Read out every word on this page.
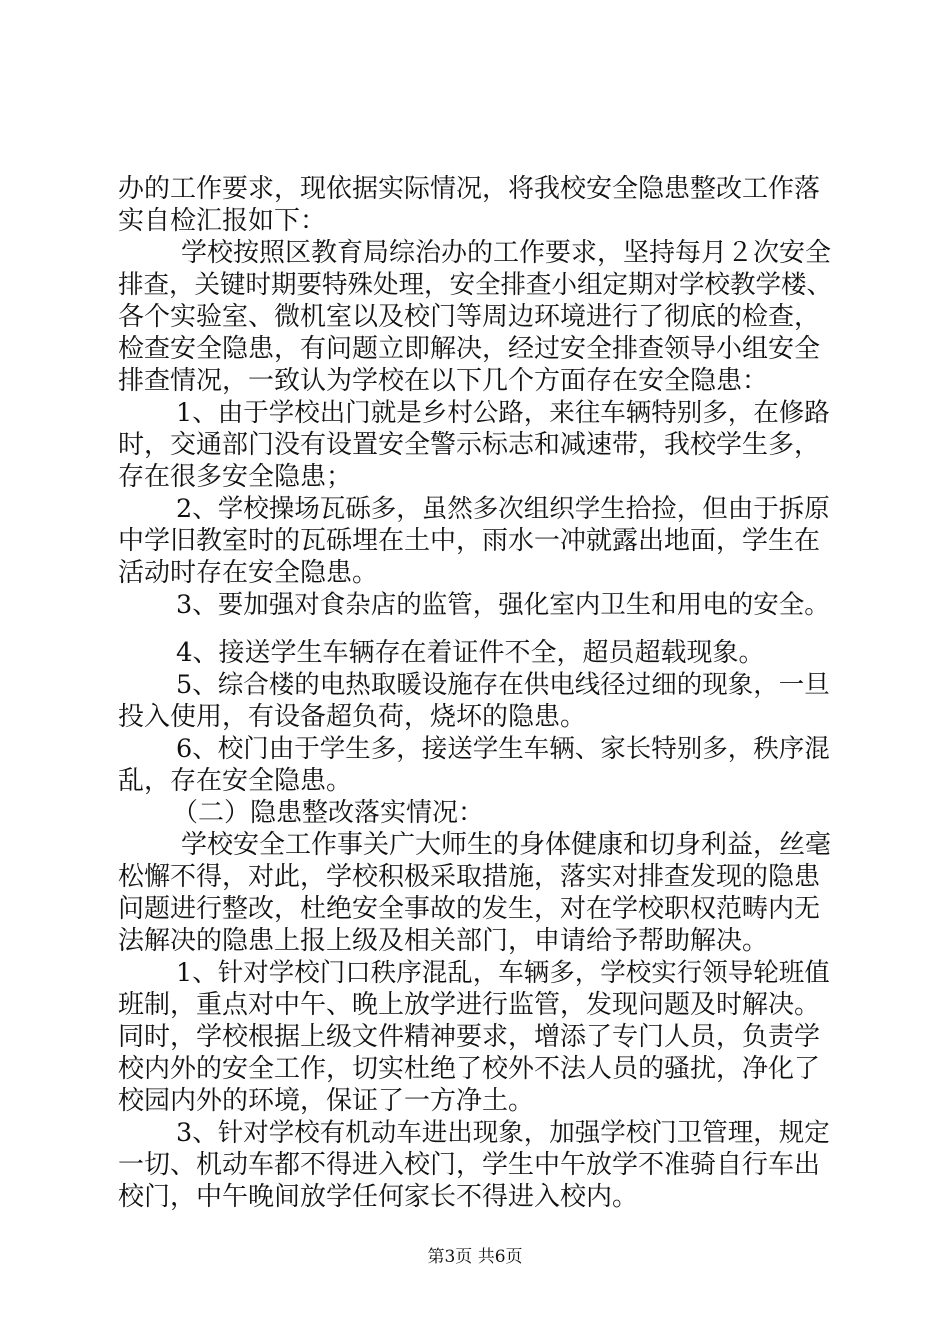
办的工作要求，现依据实际情况，将我校安全隐患整改工作落
实自检汇报如下：
学校按照区教育局综治办的工作要求，坚持每月２次安全
排查，关键时期要特殊处理，安全排查小组定期对学校教学楼、
各个实验室、微机室以及校门等周边环境进行了彻底的检查，
检查安全隐患，有问题立即解决，经过安全排查领导小组安全
排查情况，一致认为学校在以下几个方面存在安全隐患：
1、由于学校出门就是乡村公路，来往车辆特别多，在修路
时，交通部门没有设置安全警示标志和减速带，我校学生多，
存在很多安全隐患；
2、学校操场瓦砾多，虽然多次组织学生拾捡，但由于拆原
中学旧教室时的瓦砾埋在土中，雨水一冲就露出地面，学生在
活动时存在安全隐患。
3、要加强对食杂店的监管，强化室内卫生和用电的安全。
4、接送学生车辆存在着证件不全，超员超载现象。
5、综合楼的电热取暖设施存在供电线径过细的现象，一旦
投入使用，有设备超负荷，烧坏的隐患。
6、校门由于学生多，接送学生车辆、家长特别多，秩序混
乱，存在安全隐患。
（二）隐患整改落实情况：
学校安全工作事关广大师生的身体健康和切身利益，丝毫
松懈不得，对此，学校积极采取措施，落实对排查发现的隐患
问题进行整改，杜绝安全事故的发生，对在学校职权范畴内无
法解决的隐患上报上级及相关部门，申请给予帮助解决。
1、针对学校门口秩序混乱，车辆多，学校实行领导轮班值
班制，重点对中午、晚上放学进行监管，发现问题及时解决。
同时，学校根据上级文件精神要求，增添了专门人员，负责学
校内外的安全工作，切实杜绝了校外不法人员的骚扰，净化了
校园内外的环境，保证了一方净土。
3、针对学校有机动车进出现象，加强学校门卫管理，规定
一切、机动车都不得进入校门，学生中午放学不准骑自行车出
校门，中午晚间放学任何家长不得进入校内。
第3页 共6页
